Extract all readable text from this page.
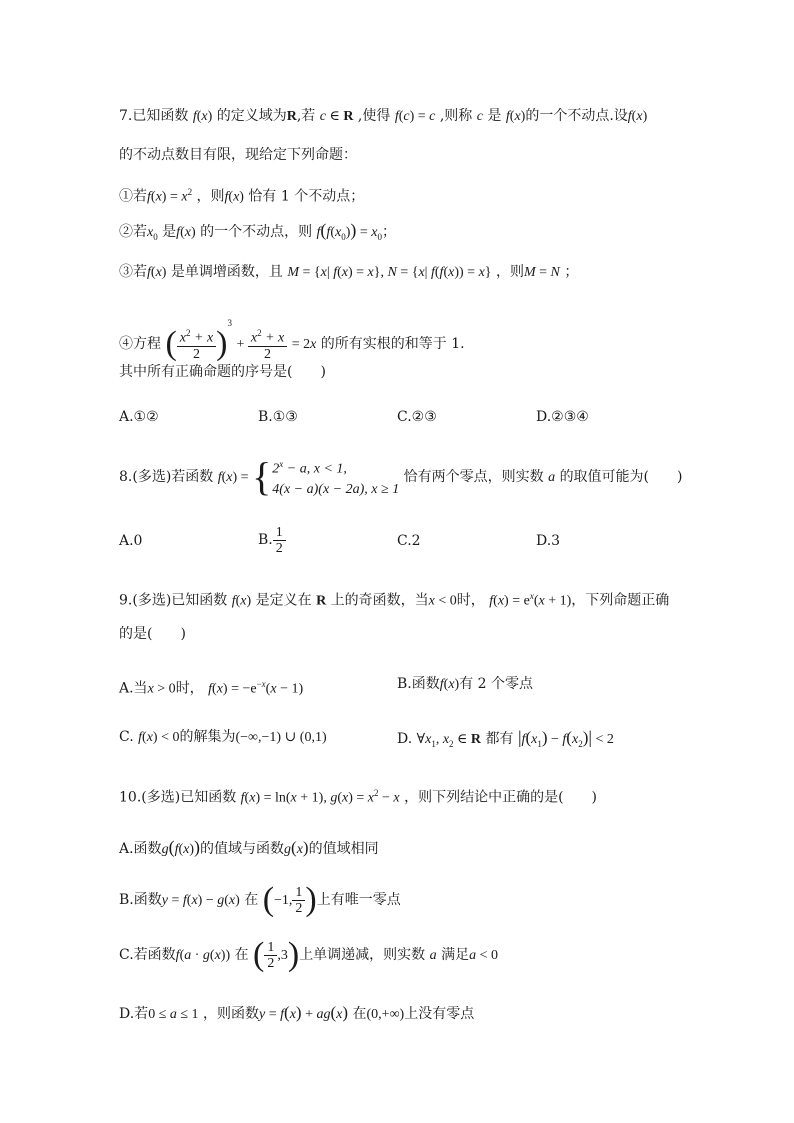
7.已知函数 f(x) 的定义域为R,若 c ∈ R ,使得 f(c) = c ,则称 c 是 f(x)的一个不动点.设f(x)
的不动点数目有限，现给定下列命题：
①若$f(x) = x^2$ ，则f(x) 恰有 1 个不动点；
②若$x_0$ 是f(x) 的一个不动点，则 $f(f(x_0)) = x_0$；
③若f(x) 是单调增函数，且 M = {x| f(x) = x}, N = {x| f(f(x)) = x} ，则M = N ；
④方程 ( $\frac{x^2 + x}{2} )^3 + \frac{x^2 + x}{2} = 2x$ 的所有实根的和等于 1.
其中所有正确命题的序号是(　　)
A.①②	B.①③	C.②③	D.②③④
8.(多选)若函数 f(x) = { $2^x - a$, x < 1,
4(x − a)(x − 2a), x ≥ 1
恰有两个零点，则实数 a 的取值可能为(　　)
A.0	B. $\frac{1}{2}$	C.2	D.3
9.(多选)已知函数 f(x) 是定义在 R 上的奇函数，当x < 0时， $f(x) = e^x(x + 1)$，下列命题正确
的是(　　)
A.当x > 0时， $f(x) = -e^{-x}(x - 1)$	B.函数f(x)有 2 个零点
C. f(x) < 0的解集为(−∞,−1) ∪ (0,1)	D. $\forall x_1$, $x_2$ ∈ R 都有 $|f(x_1) - f(x_2)| < 2$
10.(多选)已知函数 f(x) = ln(x + 1), $g(x) = x^2 - x$ ，则下列结论中正确的是(　　)
A.函数g(f(x))的值域与函数g(x)的值域相同
B.函数y = f(x) − g(x) 在 (−1, $\frac{1}{2}$ )上有唯一零点
C.若函数f(a · g(x)) 在 ( $\frac{1}{2} ,3$)上单调递减，则实数 a 满足a < 0
D.若0 ≤ a ≤ 1 ，则函数y = f(x) + ag(x) 在(0,+∞)上没有零点
